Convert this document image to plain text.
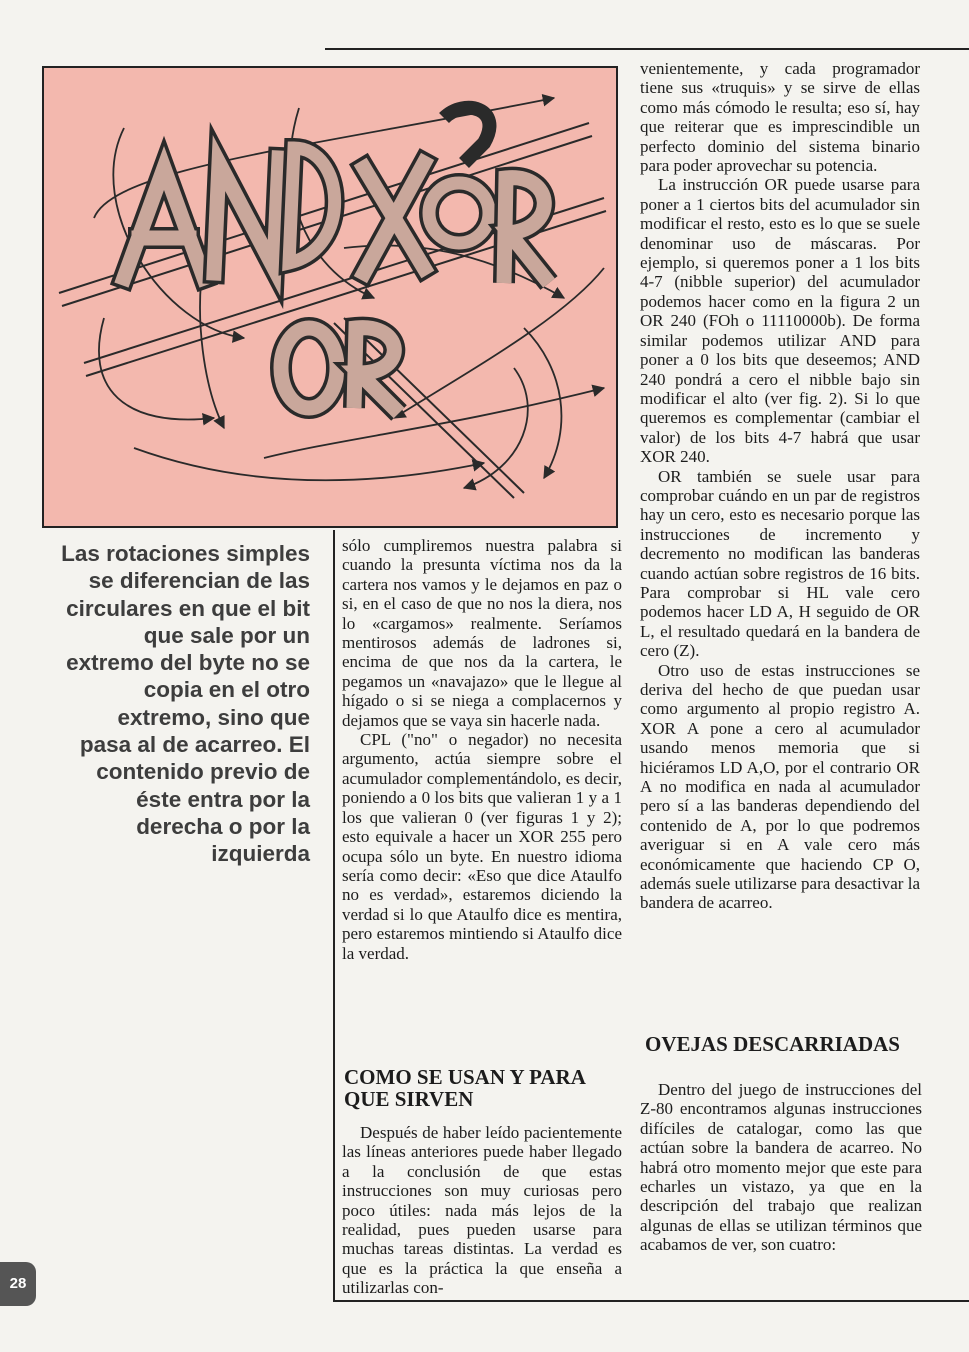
Las rotaciones simples se diferencian de las circulares en que el bit que sale por un extremo del byte no se copia en el otro extremo, sino que pasa al de acarreo. El contenido previo de éste entra por la derecha o por la izquierda

sólo cumpliremos nuestra palabra si cuando la presunta víctima nos da la cartera nos vamos y le dejamos en paz o si, en el caso de que no nos la diera, nos lo «cargamos» realmente. Seríamos mentirosos además de ladrones si, encima de que nos da la cartera, le pegamos un «navajazo» que le llegue al hígado o si se niega a complacernos y dejamos que se vaya sin hacerle nada.

CPL ("no" o negador) no necesita argumento, actúa siempre sobre el acumulador complementándolo, es decir, poniendo a 0 los bits que valieran 1 y a 1 los que valieran 0 (ver figuras 1 y 2); esto equivale a hacer un XOR 255 pero ocupa sólo un byte. En nuestro idioma sería como decir: «Eso que dice Ataulfo no es verdad», estaremos diciendo la verdad si lo que Ataulfo dice es mentira, pero estaremos mintiendo si Ataulfo dice la verdad.

COMO SE USAN Y PARA QUE SIRVEN

Después de haber leído pacientemente las líneas anteriores puede haber llegado a la conclusión de que estas instrucciones son muy curiosas pero poco útiles: nada más lejos de la realidad, pues pueden usarse para muchas tareas distintas. La verdad es que es la práctica la que enseña a utilizarlas con-

venientemente, y cada programador tiene sus «truquis» y se sirve de ellas como más cómodo le resulta; eso sí, hay que reiterar que es imprescindible un perfecto dominio del sistema binario para poder aprovechar su potencia.

La instrucción OR puede usarse para poner a 1 ciertos bits del acumulador sin modificar el resto, esto es lo que se suele denominar uso de máscaras. Por ejemplo, si queremos poner a 1 los bits 4-7 (nibble superior) del acumulador podemos hacer como en la figura 2 un OR 240 (FOh o 11110000b). De forma similar podemos utilizar AND para poner a 0 los bits que deseemos; AND 240 pondrá a cero el nibble bajo sin modificar el alto (ver fig. 2). Si lo que queremos es complementar (cambiar el valor) de los bits 4-7 habrá que usar XOR 240.

OR también se suele usar para comprobar cuándo en un par de registros hay un cero, esto es necesario porque las instrucciones de incremento y decremento no modifican las banderas cuando actúan sobre registros de 16 bits. Para comprobar si HL vale cero podemos hacer LD A, H seguido de OR L, el resultado quedará en la bandera de cero (Z).

Otro uso de estas instrucciones se deriva del hecho de que puedan usar como argumento al propio registro A. XOR A pone a cero al acumulador usando menos memoria que si hiciéramos LD A,O, por el contrario OR A no modifica en nada al acumulador pero sí a las banderas dependiendo del contenido de A, por lo que podremos averiguar si en A vale cero más económicamente que haciendo CP O, además suele utilizarse para desactivar la bandera de acarreo.

OVEJAS DESCARRIADAS

Dentro del juego de instrucciones del Z-80 encontramos algunas instrucciones difíciles de catalogar, como las que actúan sobre la bandera de acarreo. No habrá otro momento mejor que este para echarles un vistazo, ya que en la descripción del trabajo que realizan algunas de ellas se utilizan términos que acabamos de ver, son cuatro:

28
